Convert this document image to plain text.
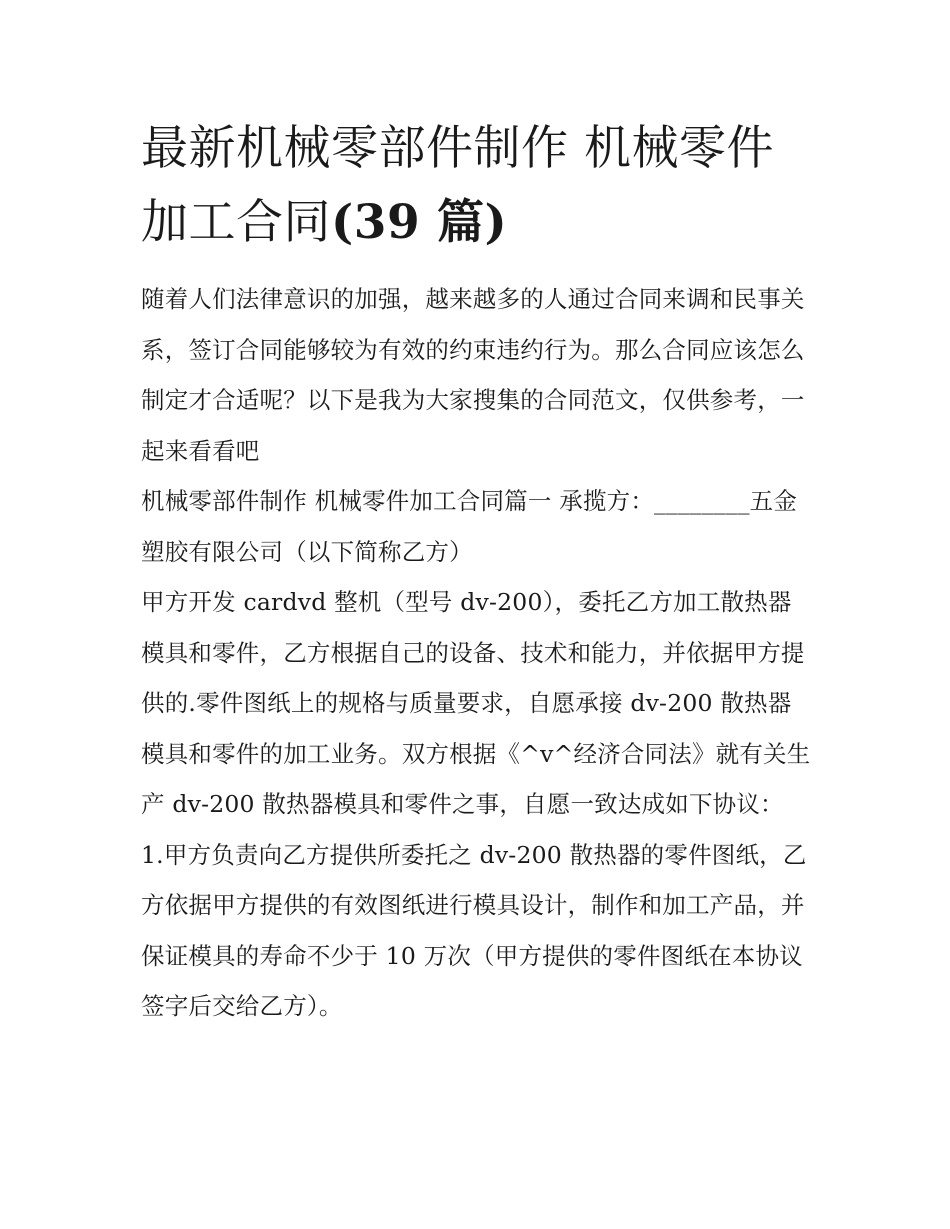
最新机械零部件制作 机械零件加工合同(39 篇)

随着人们法律意识的加强，越来越多的人通过合同来调和民事关系，签订合同能够较为有效的约束违约行为。那么合同应该怎么制定才合适呢？以下是我为大家搜集的合同范文，仅供参考，一起来看看吧

机械零部件制作 机械零件加工合同篇一 承揽方：________五金塑胶有限公司（以下简称乙方）

甲方开发 cardvd 整机（型号 dv-200），委托乙方加工散热器模具和零件，乙方根据自己的设备、技术和能力，并依据甲方提供的.零件图纸上的规格与质量要求，自愿承接 dv-200 散热器模具和零件的加工业务。双方根据《^v^经济合同法》就有关生产 dv-200 散热器模具和零件之事，自愿一致达成如下协议：

1.甲方负责向乙方提供所委托之 dv-200 散热器的零件图纸，乙方依据甲方提供的有效图纸进行模具设计，制作和加工产品，并保证模具的寿命不少于 10 万次（甲方提供的零件图纸在本协议签字后交给乙方）。
